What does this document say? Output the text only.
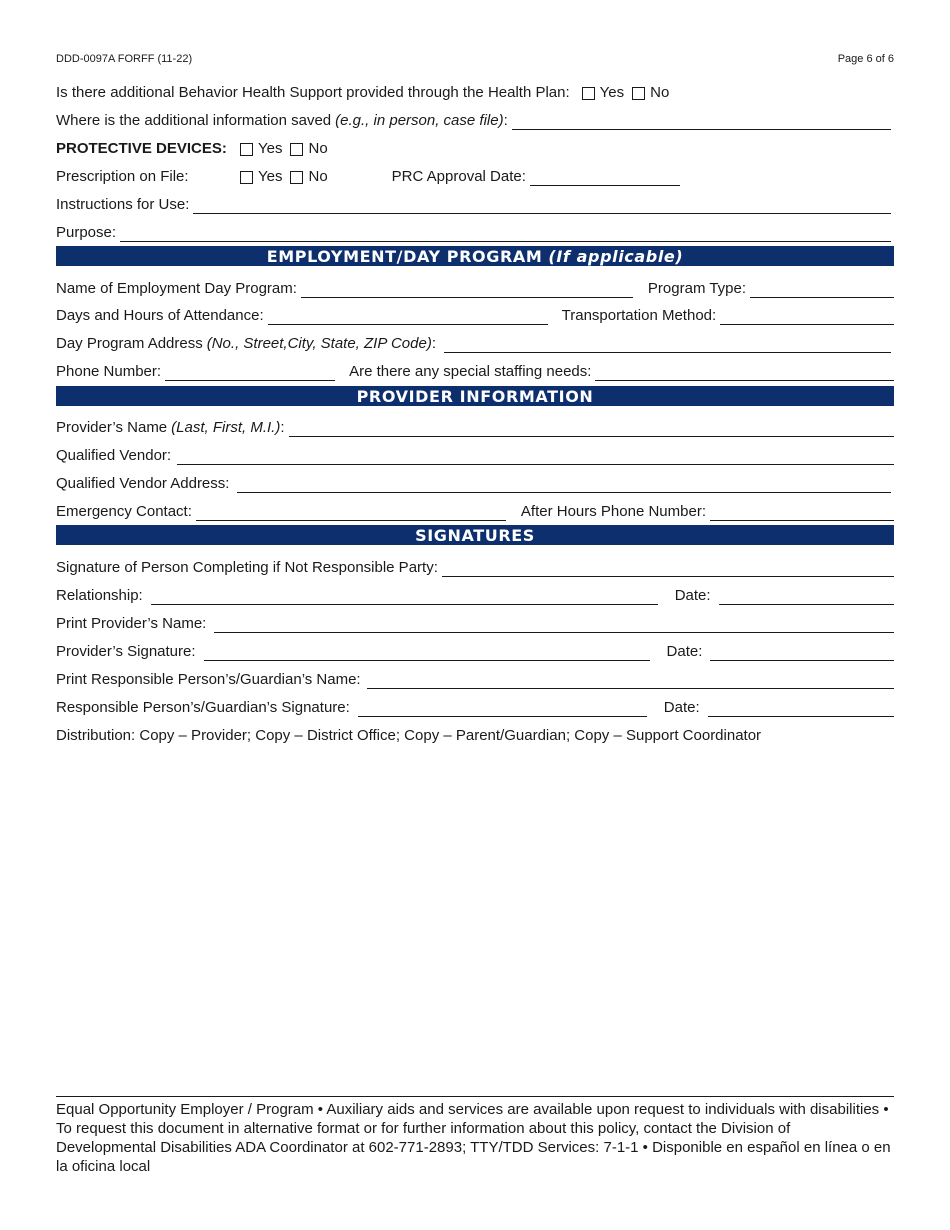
DDD-0097A FORFF (11-22)	Page 6 of 6
Is there additional Behavior Health Support provided through the Health Plan: Yes No
Where is the additional information saved (e.g., in person, case file) :
PROTECTIVE DEVICES:	Yes No
Prescription on File:	Yes No	PRC Approval Date:
Instructions for Use:
Purpose:
EMPLOYMENT/DAY PROGRAM (If applicable)
Name of Employment Day Program:	Program Type:
Days and Hours of Attendance:	Transportation Method:
Day Program Address (No., Street,City, State, ZIP Code) :
Phone Number:	Are there any special staffing needs:
PROVIDER INFORMATION
Provider’s Name (Last, First, M.I.) :
Qualified Vendor:
Qualified Vendor Address:
Emergency Contact:	After Hours Phone Number:
SIGNATURES
Signature of Person Completing if Not Responsible Party:
Relationship:	Date:
Print Provider’s Name:
Provider’s Signature:	Date:
Print Responsible Person’s/Guardian’s Name:
Responsible Person’s/Guardian’s Signature:	Date:
Distribution: Copy – Provider; Copy – District Office; Copy – Parent/Guardian; Copy – Support Coordinator
Equal Opportunity Employer / Program • Auxiliary aids and services are available upon request to individuals with disabilities • To request this document in alternative format or for further information about this policy, contact the Division of Developmental Disabilities ADA Coordinator at 602-771-2893; TTY/TDD Services: 7-1-1 • Disponible en español en línea o en la oficina local
